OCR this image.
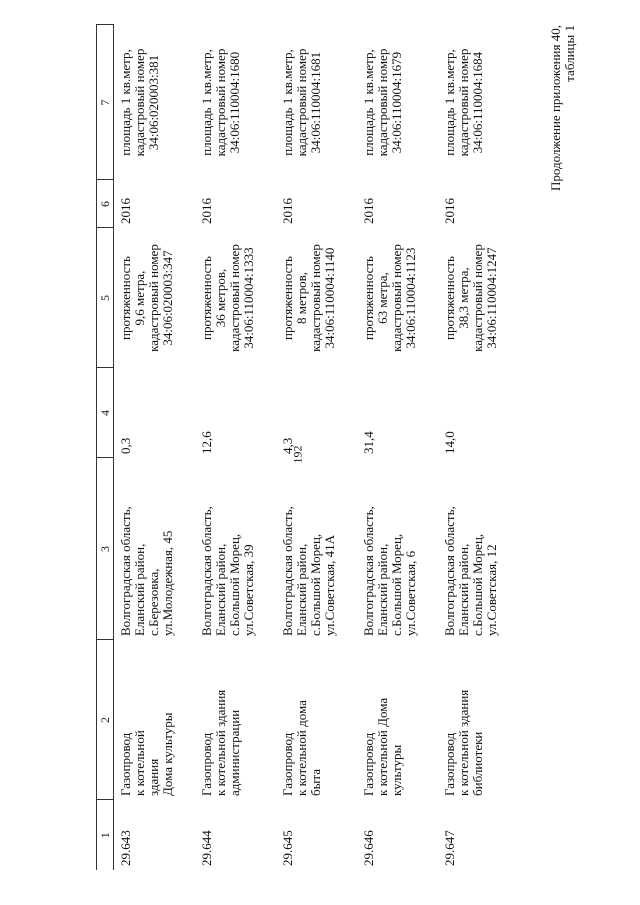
192
Продолжение приложения 40, таблицы 1
1	2	3	4	5	6	7

29.643	Газопровод к котельной здания Дома культуры	Волгоградская область, Еланский район, с.Березовка, ул.Молодежная, 45	0,3	протяженность 9,6 метра, кадастровый номер 34:06:020003:347	2016	площадь 1 кв.метр, кадастровый номер 34:06:020003:381

29.644	Газопровод к котельной здания администрации	Волгоградская область, Еланский район, с.Большой Морец, ул.Советская, 39	12,6	протяженность 36 метров, кадастровый номер 34:06:110004:1333	2016	площадь 1 кв.метр, кадастровый номер 34:06:110004:1680

29.645	Газопровод к котельной дома быта	Волгоградская область, Еланский район, с.Большой Морец, ул.Советская, 41А	4,3	протяженность 8 метров, кадастровый номер 34:06:110004:1140	2016	площадь 1 кв.метр, кадастровый номер 34:06:110004:1681

29.646	Газопровод к котельной Дома культуры	Волгоградская область, Еланский район, с.Большой Морец, ул.Советская, 6	31,4	протяженность 63 метра, кадастровый номер 34:06:110004:1123	2016	площадь 1 кв.метр, кадастровый номер 34:06:110004:1679

29.647	Газопровод к котельной здания библиотеки	Волгоградская область, Еланский район, с.Большой Морец, ул.Советская, 12	14,0	протяженность 38,3 метра, кадастровый номер 34:06:110004:1247	2016	площадь 1 кв.метр, кадастровый номер 34:06:110004:1684
